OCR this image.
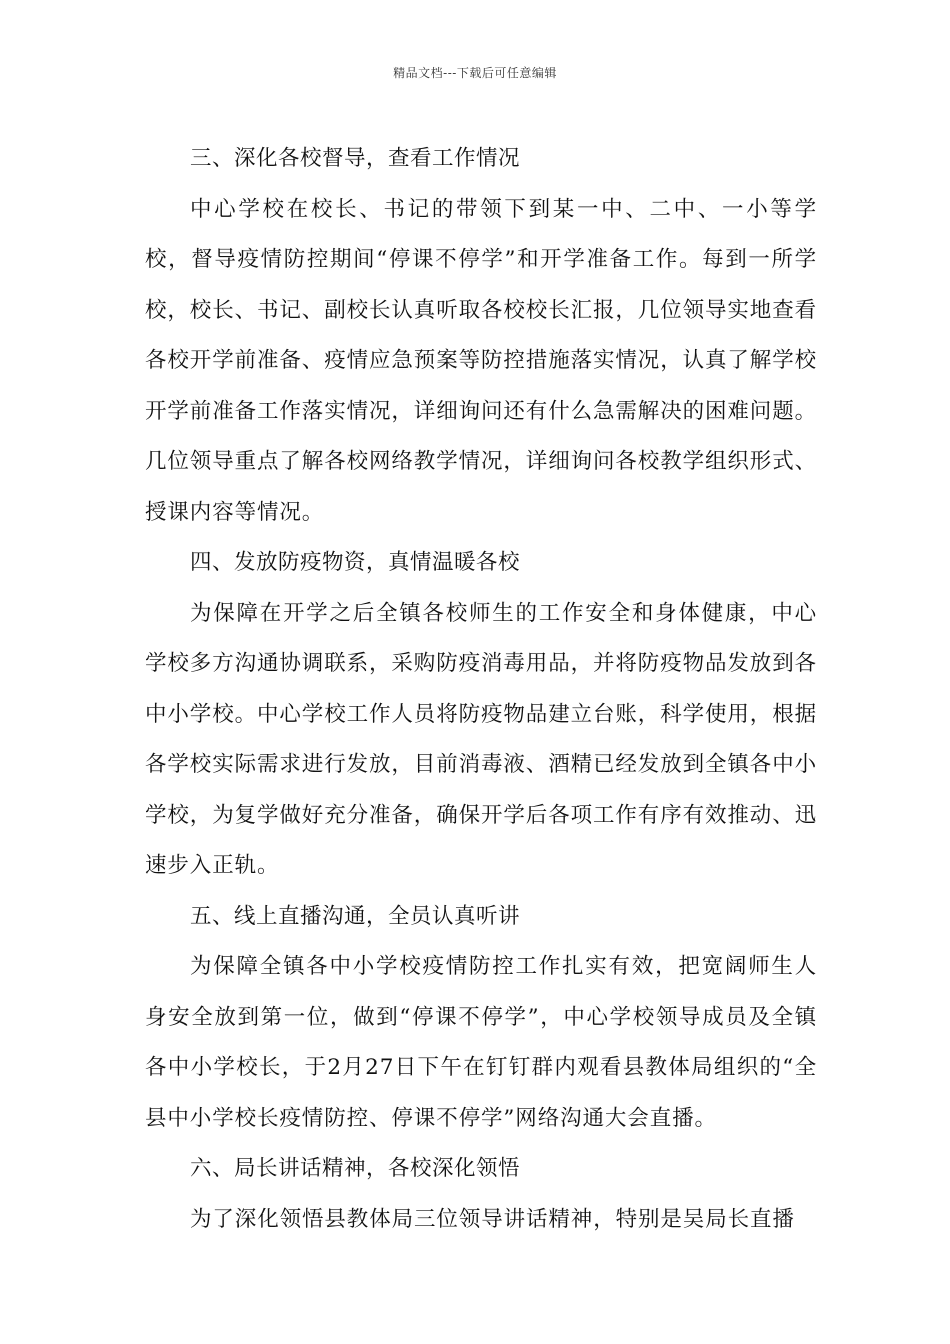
精品文档---下载后可任意编辑

三、深化各校督导，查看工作情况

中心学校在校长、书记的带领下到某一中、二中、一小等学校，督导疫情防控期间“停课不停学”和开学准备工作。每到一所学校，校长、书记、副校长认真听取各校校长汇报，几位领导实地查看各校开学前准备、疫情应急预案等防控措施落实情况，认真了解学校开学前准备工作落实情况，详细询问还有什么急需解决的困难问题。几位领导重点了解各校网络教学情况，详细询问各校教学组织形式、授课内容等情况。

四、发放防疫物资，真情温暖各校

为保障在开学之后全镇各校师生的工作安全和身体健康，中心学校多方沟通协调联系，采购防疫消毒用品，并将防疫物品发放到各中小学校。中心学校工作人员将防疫物品建立台账，科学使用，根据各学校实际需求进行发放，目前消毒液、酒精已经发放到全镇各中小学校，为复学做好充分准备，确保开学后各项工作有序有效推动、迅速步入正轨。

五、线上直播沟通，全员认真听讲

为保障全镇各中小学校疫情防控工作扎实有效，把宽阔师生人身安全放到第一位，做到“停课不停学”，中心学校领导成员及全镇各中小学校长，于2月27日下午在钉钉群内观看县教体局组织的“全县中小学校长疫情防控、停课不停学”网络沟通大会直播。

六、局长讲话精神，各校深化领悟

为了深化领悟县教体局三位领导讲话精神，特别是吴局长直播
